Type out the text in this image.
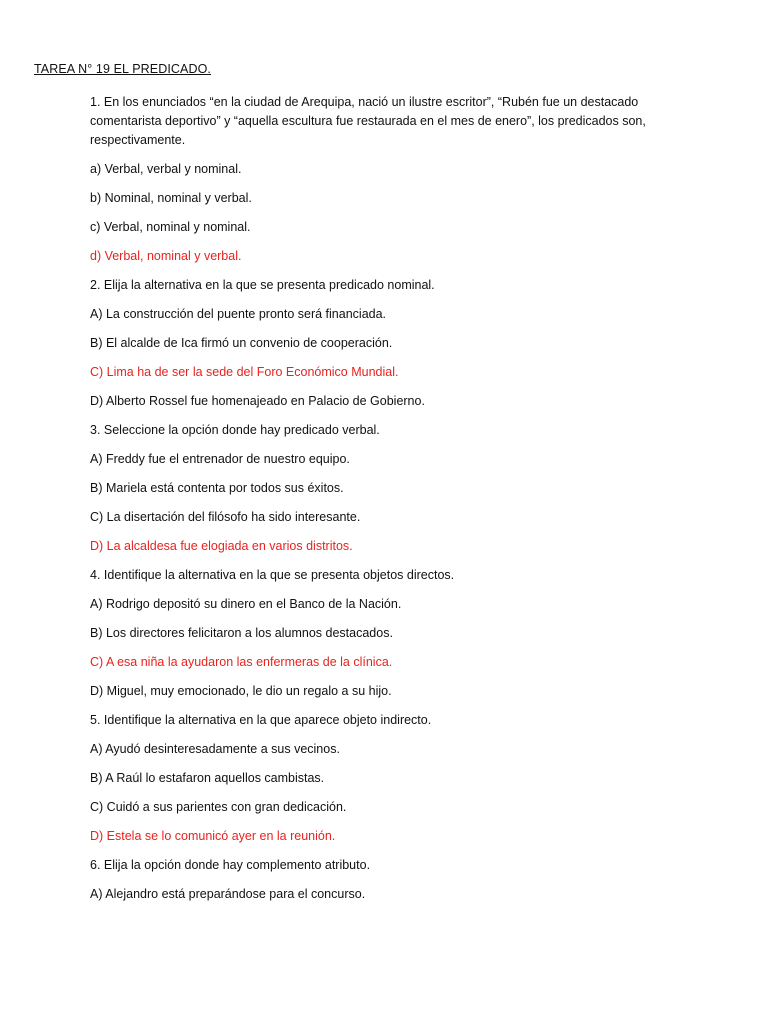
TAREA N° 19 EL PREDICADO.
1. En los enunciados “en la ciudad de Arequipa, nació un ilustre escritor”, “Rubén fue un destacado comentarista deportivo” y “aquella escultura fue restaurada en el mes de enero”, los predicados son, respectivamente.
a) Verbal, verbal y nominal.
b) Nominal, nominal y verbal.
c) Verbal, nominal y nominal.
d) Verbal, nominal y verbal.
2. Elija la alternativa en la que se presenta predicado nominal.
A) La construcción del puente pronto será financiada.
B) El alcalde de Ica firmó un convenio de cooperación.
C) Lima ha de ser la sede del Foro Económico Mundial.
D) Alberto Rossel fue homenajeado en Palacio de Gobierno.
3. Seleccione la opción donde hay predicado verbal.
A) Freddy fue el entrenador de nuestro equipo.
B) Mariela está contenta por todos sus éxitos.
C) La disertación del filósofo ha sido interesante.
D) La alcaldesa fue elogiada en varios distritos.
4. Identifique la alternativa en la que se presenta objetos directos.
A) Rodrigo depositó su dinero en el Banco de la Nación.
B) Los directores felicitaron a los alumnos destacados.
C) A esa niña la ayudaron las enfermeras de la clínica.
D) Miguel, muy emocionado, le dio un regalo a su hijo.
5. Identifique la alternativa en la que aparece objeto indirecto.
A) Ayudó desinteresadamente a sus vecinos.
B) A Raúl lo estafaron aquellos cambistas.
C) Cuidó a sus parientes con gran dedicación.
D) Estela se lo comunicó ayer en la reunión.
6. Elija la opción donde hay complemento atributo.
A) Alejandro está preparándose para el concurso.
